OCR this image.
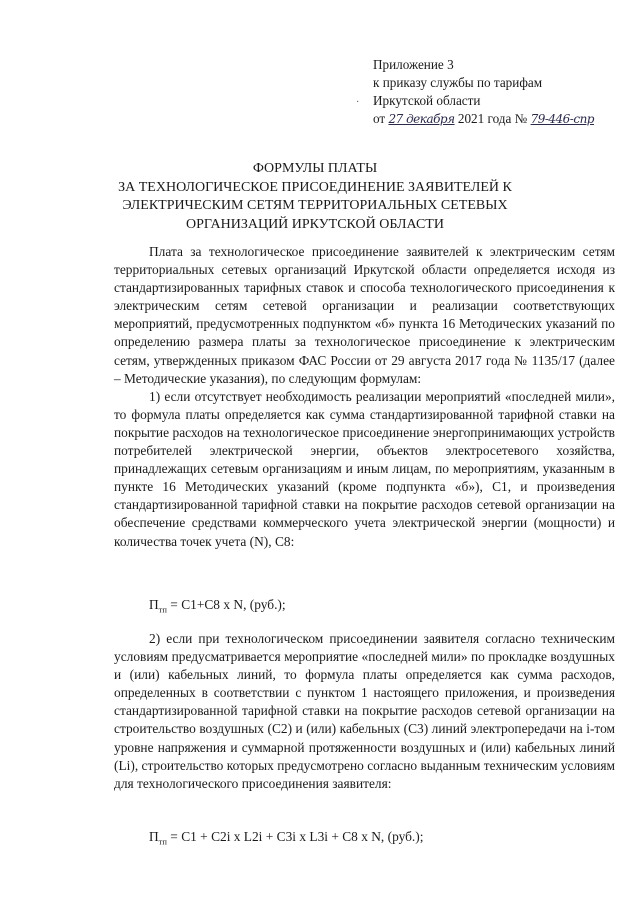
Приложение 3
к приказу службы по тарифам
Иркутской области
от 27 декабря 2021 года № 79-446-спр
·
ФОРМУЛЫ ПЛАТЫ
ЗА ТЕХНОЛОГИЧЕСКОЕ ПРИСОЕДИНЕНИЕ ЗАЯВИТЕЛЕЙ К
ЭЛЕКТРИЧЕСКИМ СЕТЯМ ТЕРРИТОРИАЛЬНЫХ СЕТЕВЫХ
ОРГАНИЗАЦИЙ ИРКУТСКОЙ ОБЛАСТИ

Плата за технологическое присоединение заявителей к электрическим сетям территориальных сетевых организаций Иркутской области определяется исходя из стандартизированных тарифных ставок и способа технологического присоединения к электрическим сетям сетевой организации и реализации соответствующих мероприятий, предусмотренных подпунктом «б» пункта 16 Методических указаний по определению размера платы за технологическое присоединение к электрическим сетям, утвержденных приказом ФАС России от 29 августа 2017 года № 1135/17 (далее – Методические указания), по следующим формулам:

1) если отсутствует необходимость реализации мероприятий «последней мили», то формула платы определяется как сумма стандартизированной тарифной ставки на покрытие расходов на технологическое присоединение энергопринимающих устройств потребителей электрической энергии, объектов электросетевого хозяйства, принадлежащих сетевым организациям и иным лицам, по мероприятиям, указанным в пункте 16 Методических указаний (кроме подпункта «б»), C1, и произведения стандартизированной тарифной ставки на покрытие расходов сетевой организации на обеспечение средствами коммерческого учета электрической энергии (мощности) и количества точек учета (N), C8:

$П_{тп} = C1+C8$ x N, (руб.);

2) если при технологическом присоединении заявителя согласно техническим условиям предусматривается мероприятие «последней мили» по прокладке воздушных и (или) кабельных линий, то формула платы определяется как сумма расходов, определенных в соответствии с пунктом 1 настоящего приложения, и произведения стандартизированной тарифной ставки на покрытие расходов сетевой организации на строительство воздушных (C2) и (или) кабельных (C3) линий электропередачи на i-том уровне напряжения и суммарной протяженности воздушных и (или) кабельных линий (Li), строительство которых предусмотрено согласно выданным техническим условиям для технологического присоединения заявителя:

$П_{тп} = C1 + C2i$ x L2i + C3i x L3i + C8 x N, (руб.);
